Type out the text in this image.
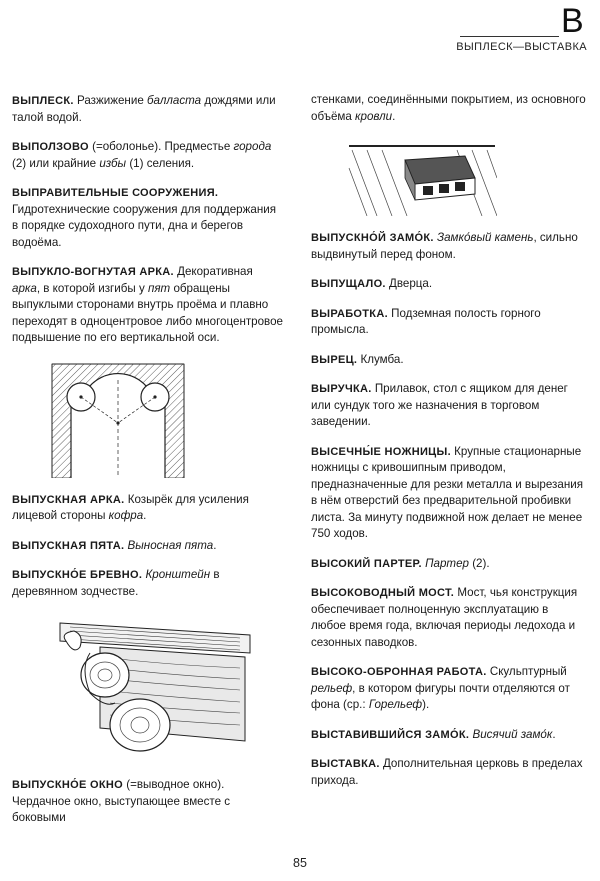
В
ВЫПЛЕСК—ВЫСТАВКА
ВЫПЛЕСК. Разжижение балласта дождями или талой водой.
ВЫПОЛЗОВО (=оболонье). Предместье города (2) или крайние избы (1) селения.
ВЫПРАВИТЕЛЬНЫЕ СООРУЖЕНИЯ. Гидротехнические сооружения для поддержания в порядке судоходного пути, дна и берегов водоёма.
ВЫПУКЛО-ВОГНУТАЯ АРКА. Декоративная арка, в которой изгибы у пят обращены выпуклыми сторонами внутрь проёма и плавно переходят в одноцентровое либо многоцентровое подвышение по его вертикальной оси.
ВЫПУСКНАЯ АРКА. Козырёк для усиления лицевой стороны кофра.
ВЫПУСКНАЯ ПЯТА. Выносная пята.
ВЫПУСКНО́Е БРЕВНО. Кронштейн в деревянном зодчестве.
ВЫПУСКНО́Е ОКНО (=выводное окно). Чердачное окно, выступающее вместе с боковыми
стенками, соединёнными покрытием, из основного объёма кровли.
ВЫПУСКНО́Й ЗАМО́К. Замко́вый камень, сильно выдвинутый перед фоном.
ВЫПУЩАЛО. Дверца.
ВЫРАБОТКА. Подземная полость горного промысла.
ВЫРЕЦ. Клумба.
ВЫРУЧКА. Прилавок, стол с ящиком для денег или сундук того же назначения в торговом заведении.
ВЫСЕЧНЫ́Е НОЖНИЦЫ. Крупные стационарные ножницы с кривошипным приводом, предназначенные для резки металла и вырезания в нём отверстий без предварительной пробивки листа. За минуту подвижной нож делает не менее 750 ходов.
ВЫСОКИЙ ПАРТЕР. Партер (2).
ВЫСОКОВОДНЫЙ МОСТ. Мост, чья конструкция обеспечивает полноценную эксплуатацию в любое время года, включая периоды ледохода и сезонных паводков.
ВЫСОКО-ОБРОННАЯ РАБОТА. Скульптурный рельеф, в котором фигуры почти отделяются от фона (ср.: Горельеф).
ВЫСТАВИВШИЙСЯ ЗАМО́К. Висячий замо́к.
ВЫСТАВКА. Дополнительная церковь в пределах прихода.
85
